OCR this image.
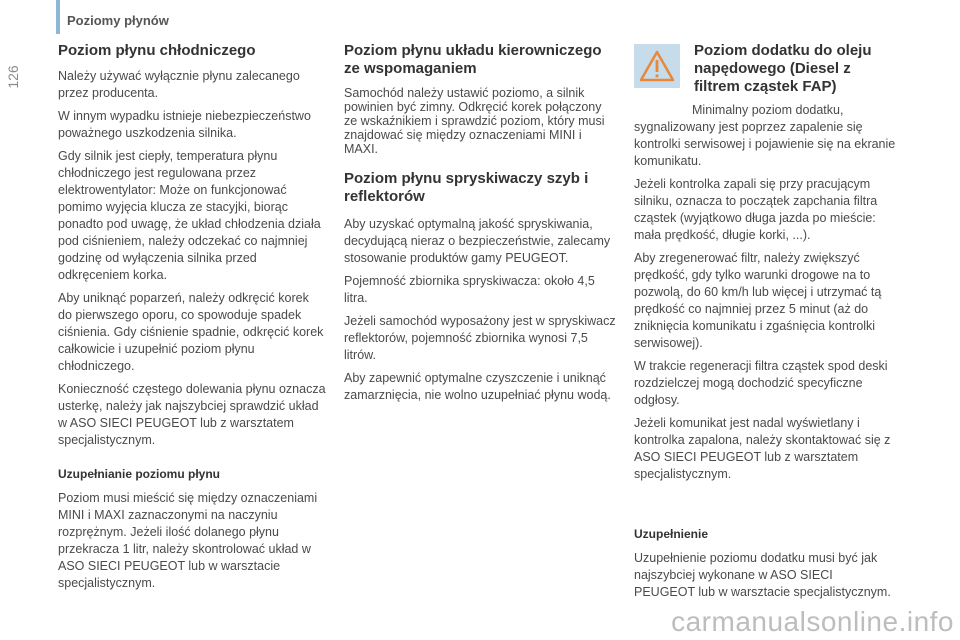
126
Poziomy płynów
Poziom płynu chłodniczego

Należy używać wyłącznie płynu zalecanego przez producenta.

W innym wypadku istnieje niebezpieczeństwo poważnego uszkodzenia silnika.

Gdy silnik jest ciepły, temperatura płynu chłodniczego jest regulowana przez elektrowentylator: Może on funkcjonować pomimo wyjęcia klucza ze stacyjki, biorąc ponadto pod uwagę, że układ chłodzenia działa pod ciśnieniem, należy odczekać co najmniej godzinę od wyłączenia silnika przed odkręceniem korka.

Aby uniknąć poparzeń, należy odkręcić korek do pierwszego oporu, co spowoduje spadek ciśnienia. Gdy ciśnienie spadnie, odkręcić korek całkowicie i uzupełnić poziom płynu chłodniczego.

Konieczność częstego dolewania płynu oznacza usterkę, należy jak najszybciej sprawdzić układ w ASO SIECI PEUGEOT lub z warsztatem specjalistycznym.

Uzupełnianie poziomu płynu

Poziom musi mieścić się między oznaczeniami MINI i MAXI zaznaczonymi na naczyniu rozprężnym. Jeżeli ilość dolanego płynu przekracza 1 litr, należy skontrolować układ w ASO SIECI PEUGEOT lub w warsztacie specjalistycznym.

Poziom płynu układu kierowniczego ze wspomaganiem

Samochód należy ustawić poziomo, a silnik powinien być zimny. Odkręcić korek połączony ze wskaźnikiem i sprawdzić poziom, który musi znajdować się między oznaczeniami MINI i MAXI.

Poziom płynu spryskiwaczy szyb i reflektorów

Aby uzyskać optymalną jakość spryskiwania, decydującą nieraz o bezpieczeństwie, zalecamy stosowanie produktów gamy PEUGEOT.

Pojemność zbiornika spryskiwacza: około 4,5 litra.

Jeżeli samochód wyposażony jest w spryskiwacz reflektorów, pojemność zbiornika wynosi 7,5 litrów.

Aby zapewnić optymalne czyszczenie i uniknąć zamarznięcia, nie wolno uzupełniać płynu wodą.

Poziom dodatku do oleju napędowego (Diesel z filtrem cząstek FAP)

Minimalny poziom dodatku, sygnalizowany jest poprzez zapalenie się kontrolki serwisowej i pojawienie się na ekranie komunikatu.

Jeżeli kontrolka zapali się przy pracującym silniku, oznacza to początek zapchania filtra cząstek (wyjątkowo długa jazda po mieście: mała prędkość, długie korki, ...).

Aby zregenerować filtr, należy zwiększyć prędkość, gdy tylko warunki drogowe na to pozwolą, do 60 km/h lub więcej i utrzymać tą prędkość co najmniej przez 5 minut (aż do zniknięcia komunikatu i zgaśnięcia kontrolki serwisowej).

W trakcie regeneracji filtra cząstek spod deski rozdzielczej mogą dochodzić specyficzne odgłosy.

Jeżeli komunikat jest nadal wyświetlany i kontrolka zapalona, należy skontaktować się z ASO SIECI PEUGEOT lub z warsztatem specjalistycznym.

Uzupełnienie

Uzupełnienie poziomu dodatku musi być jak najszybciej wykonane w ASO SIECI PEUGEOT lub w warsztacie specjalistycznym.

carmanualsonline.info
